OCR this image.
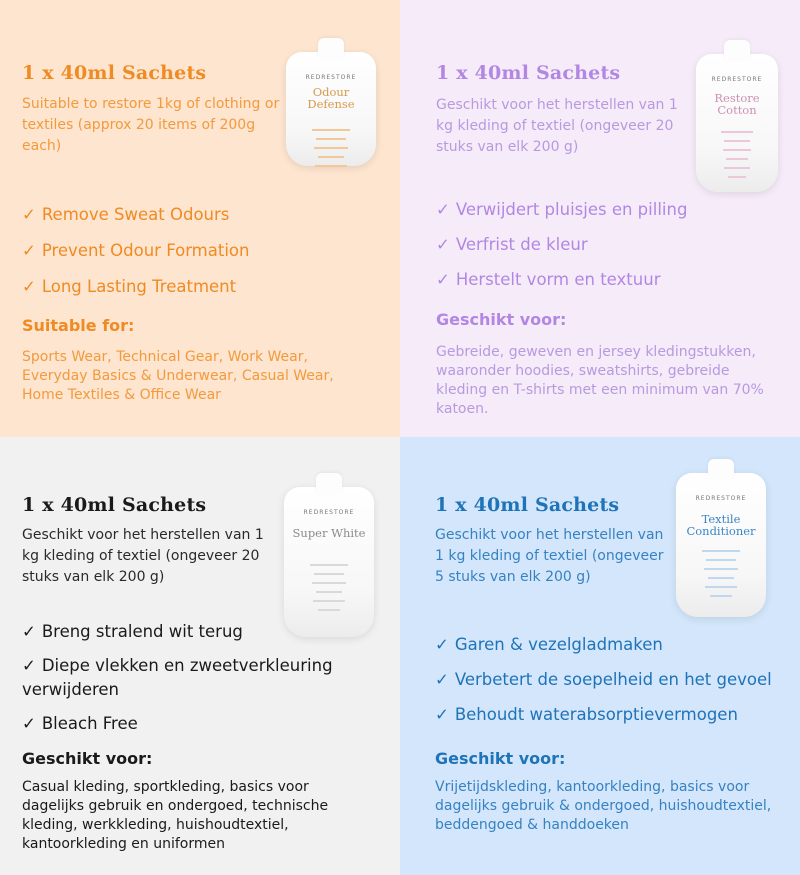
1 x 40ml Sachets
Suitable to restore 1kg of clothing or textiles (approx 20 items of 200g each)
✓ Remove Sweat Odours
✓ Prevent Odour Formation
✓ Long Lasting Treatment
Suitable for:
Sports Wear, Technical Gear, Work Wear, Everyday Basics & Underwear, Casual Wear, Home Textiles & Office Wear
REDRESTORE
Odour Defense
1 x 40ml Sachets
Geschikt voor het herstellen van 1 kg kleding of textiel (ongeveer 20 stuks van elk 200 g)
✓ Verwijdert pluisjes en pilling
✓ Verfrist de kleur
✓ Herstelt vorm en textuur
Geschikt voor:
Gebreide, geweven en jersey kledingstukken, waaronder hoodies, sweatshirts, gebreide kleding en T-shirts met een minimum van 70% katoen.
REDRESTORE
Restore Cotton
1 x 40ml Sachets
Geschikt voor het herstellen van 1 kg kleding of textiel (ongeveer 20 stuks van elk 200 g)
✓ Breng stralend wit terug
✓ Diepe vlekken en zweetverkleuring verwijderen
✓ Bleach Free
Geschikt voor:
Casual kleding, sportkleding, basics voor dagelijks gebruik en ondergoed, technische kleding, werkkleding, huishoudtextiel, kantoorkleding en uniformen
REDRESTORE
Super White
1 x 40ml Sachets
Geschikt voor het herstellen van 1 kg kleding of textiel (ongeveer 5 stuks van elk 200 g)
✓ Garen & vezelgladmaken
✓ Verbetert de soepelheid en het gevoel
✓ Behoudt waterabsorptievermogen
Geschikt voor:
Vrijetijdskleding, kantoorkleding, basics voor dagelijks gebruik & ondergoed, huishoudtextiel, beddengoed & handdoeken
REDRESTORE
Textile Conditioner
